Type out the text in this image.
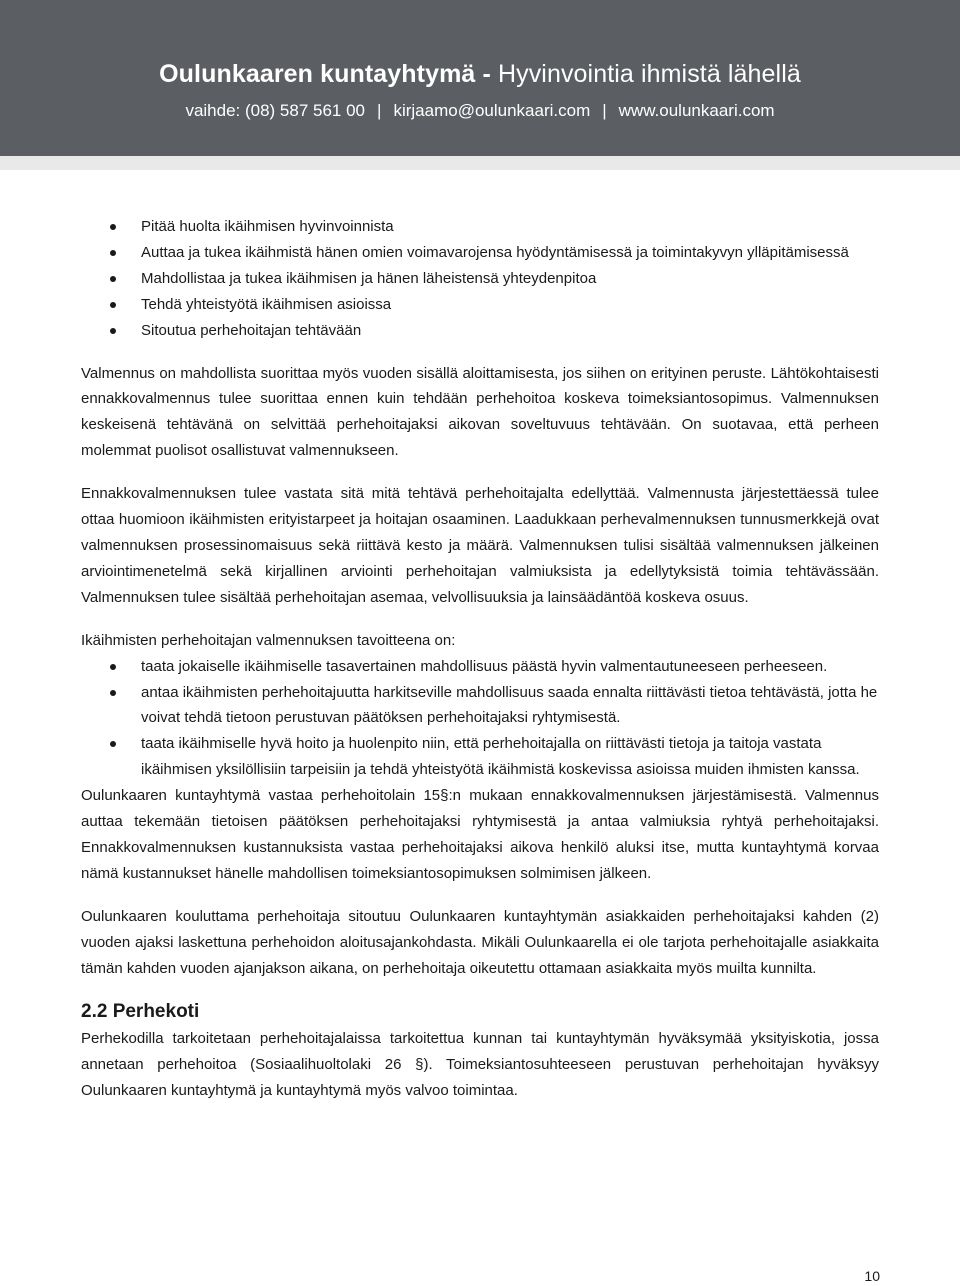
Oulunkaaren kuntayhtymä - Hyvinvointia ihmistä lähellä
vaihde: (08) 587 561 00 | kirjaamo@oulunkaari.com | www.oulunkaari.com
Pitää huolta ikäihmisen hyvinvoinnista
Auttaa ja tukea ikäihmistä hänen omien voimavarojensa hyödyntämisessä ja toimintakyvyn ylläpitämisessä
Mahdollistaa ja tukea ikäihmisen ja hänen läheistensä yhteydenpitoa
Tehdä yhteistyötä ikäihmisen asioissa
Sitoutua perhehoitajan tehtävään

Valmennus on mahdollista suorittaa myös vuoden sisällä aloittamisesta, jos siihen on erityinen peruste. Lähtökohtaisesti ennakkovalmennus tulee suorittaa ennen kuin tehdään perhehoitoa koskeva toimeksiantosopimus. Valmennuksen keskeisenä tehtävänä on selvittää perhehoitajaksi aikovan soveltuvuus tehtävään. On suotavaa, että perheen molemmat puolisot osallistuvat valmennukseen.

Ennakkovalmennuksen tulee vastata sitä mitä tehtävä perhehoitajalta edellyttää. Valmennusta järjestettäessä tulee ottaa huomioon ikäihmisten erityistarpeet ja hoitajan osaaminen. Laadukkaan perhevalmennuksen tunnusmerkkejä ovat valmennuksen prosessinomaisuus sekä riittävä kesto ja määrä. Valmennuksen tulisi sisältää valmennuksen jälkeinen arviointimenetelmä sekä kirjallinen arviointi perhehoitajan valmiuksista ja edellytyksistä toimia tehtävässään. Valmennuksen tulee sisältää perhehoitajan asemaa, velvollisuuksia ja lainsäädäntöä koskeva osuus.

Ikäihmisten perhehoitajan valmennuksen tavoitteena on:

taata jokaiselle ikäihmiselle tasavertainen mahdollisuus päästä hyvin valmentautuneeseen perheeseen.
antaa ikäihmisten perhehoitajuutta harkitseville mahdollisuus saada ennalta riittävästi tietoa tehtävästä, jotta he voivat tehdä tietoon perustuvan päätöksen perhehoitajaksi ryhtymisestä.
taata ikäihmiselle hyvä hoito ja huolenpito niin, että perhehoitajalla on riittävästi tietoja ja taitoja vastata ikäihmisen yksilöllisiin tarpeisiin ja tehdä yhteistyötä ikäihmistä koskevissa asioissa muiden ihmisten kanssa.

Oulunkaaren kuntayhtymä vastaa perhehoitolain 15§:n mukaan ennakkovalmennuksen järjestämisestä. Valmennus auttaa tekemään tietoisen päätöksen perhehoitajaksi ryhtymisestä ja antaa valmiuksia ryhtyä perhehoitajaksi. Ennakkovalmennuksen kustannuksista vastaa perhehoitajaksi aikova henkilö aluksi itse, mutta kuntayhtymä korvaa nämä kustannukset hänelle mahdollisen toimeksiantosopimuksen solmimisen jälkeen.

Oulunkaaren kouluttama perhehoitaja sitoutuu Oulunkaaren kuntayhtymän asiakkaiden perhehoitajaksi kahden (2) vuoden ajaksi laskettuna perhehoidon aloitusajankohdasta. Mikäli Oulunkaarella ei ole tarjota perhehoitajalle asiakkaita tämän kahden vuoden ajanjakson aikana, on perhehoitaja oikeutettu ottamaan asiakkaita myös muilta kunnilta.

2.2 Perhekoti

Perhekodilla tarkoitetaan perhehoitajalaissa tarkoitettua kunnan tai kuntayhtymän hyväksymää yksityiskotia, jossa annetaan perhehoitoa (Sosiaalihuoltolaki 26 §). Toimeksiantosuhteeseen perustuvan perhehoitajan hyväksyy Oulunkaaren kuntayhtymä ja kuntayhtymä myös valvoo toimintaa.

10
